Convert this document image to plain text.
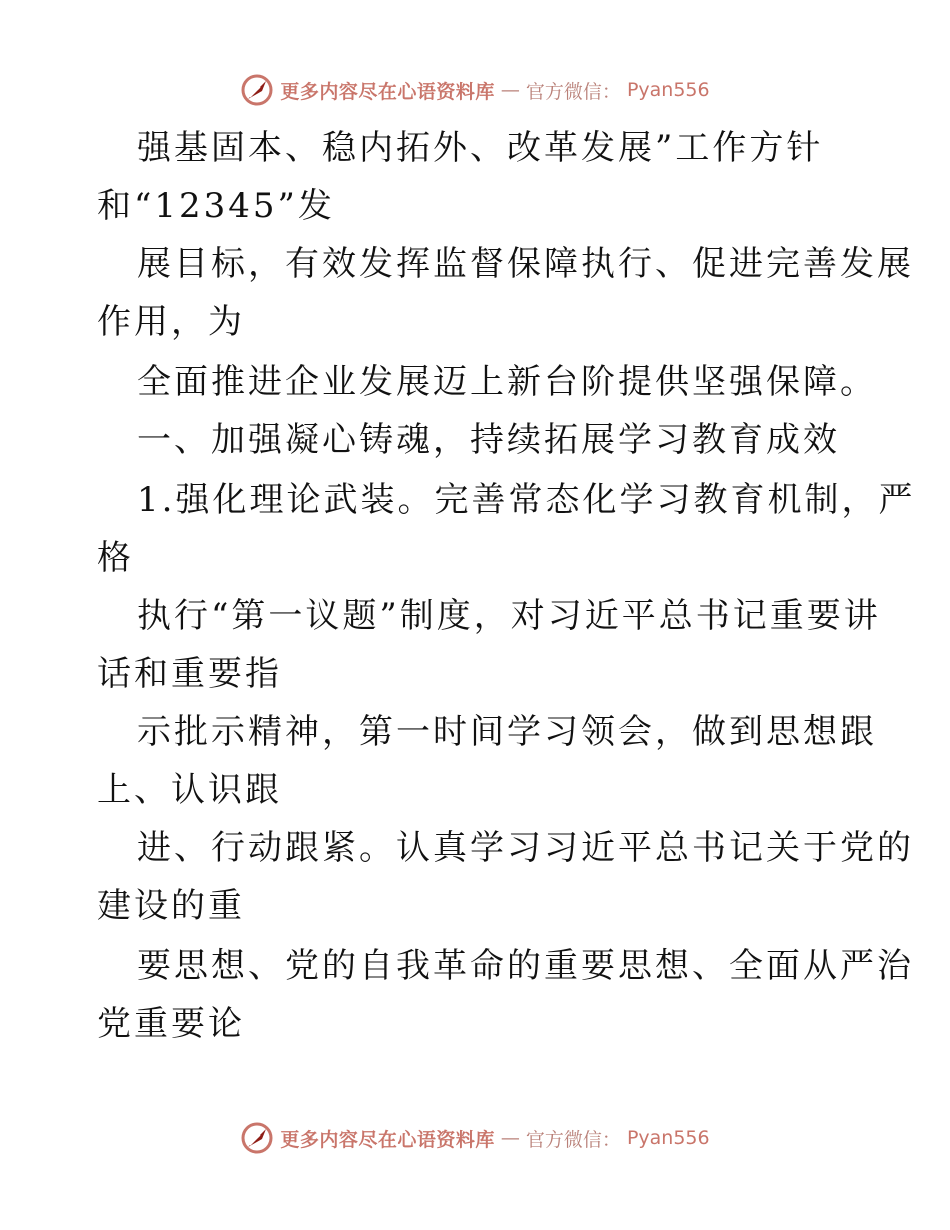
更多内容尽在心语资料库 — 官方微信： Pyan556
强基固本、稳内拓外、改革发展”工作方针
和“12345”发
展目标，有效发挥监督保障执行、促进完善发展
作用，为
全面推进企业发展迈上新台阶提供坚强保障。
一、加强凝心铸魂，持续拓展学习教育成效
1.强化理论武装。完善常态化学习教育机制，严
格
执行“第一议题”制度，对习近平总书记重要讲
话和重要指
示批示精神，第一时间学习领会，做到思想跟
上、认识跟
进、行动跟紧。认真学习习近平总书记关于党的
建设的重
要思想、党的自我革命的重要思想、全面从严治
党重要论
更多内容尽在心语资料库 — 官方微信： Pyan556
